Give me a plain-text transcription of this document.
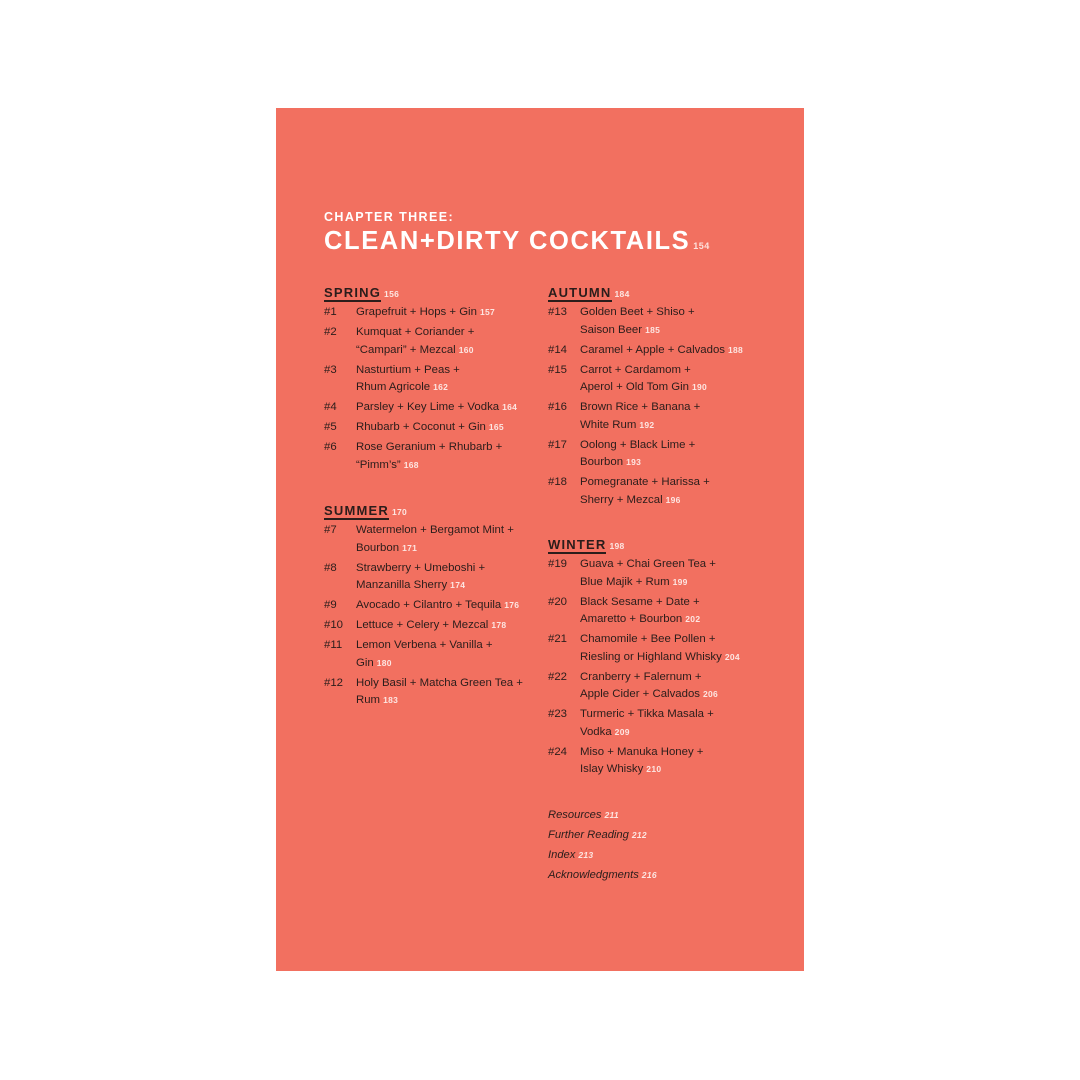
CHAPTER THREE:
CLEAN+DIRTY COCKTAILS 154
SPRING 156
#1	Grapefruit + Hops + Gin 157
#2	Kumquat + Coriander +
“Campari” + Mezcal 160
#3	Nasturtium + Peas +
Rhum Agricole 162
#4	Parsley + Key Lime + Vodka 164
#5	Rhubarb + Coconut + Gin 165
#6	Rose Geranium + Rhubarb +
“Pimm’s” 168
SUMMER 170
#7	Watermelon + Bergamot Mint +
Bourbon 171
#8	Strawberry + Umeboshi +
Manzanilla Sherry 174
#9	Avocado + Cilantro + Tequila 176
#10	Lettuce + Celery + Mezcal 178
#11	Lemon Verbena + Vanilla +
Gin 180
#12	Holy Basil + Matcha Green Tea +
Rum 183
AUTUMN 184
#13	Golden Beet + Shiso +
Saison Beer 185
#14	Caramel + Apple + Calvados 188
#15	Carrot + Cardamom +
Aperol + Old Tom Gin 190
#16	Brown Rice + Banana +
White Rum 192
#17	Oolong + Black Lime +
Bourbon 193
#18	Pomegranate + Harissa +
Sherry + Mezcal 196
WINTER 198
#19	Guava + Chai Green Tea +
Blue Majik + Rum 199
#20	Black Sesame + Date +
Amaretto + Bourbon 202
#21	Chamomile + Bee Pollen +
Riesling or Highland Whisky 204
#22	Cranberry + Falernum +
Apple Cider + Calvados 206
#23	Turmeric + Tikka Masala +
Vodka 209
#24	Miso + Manuka Honey +
Islay Whisky 210
Resources 211
Further Reading 212
Index 213
Acknowledgments 216
